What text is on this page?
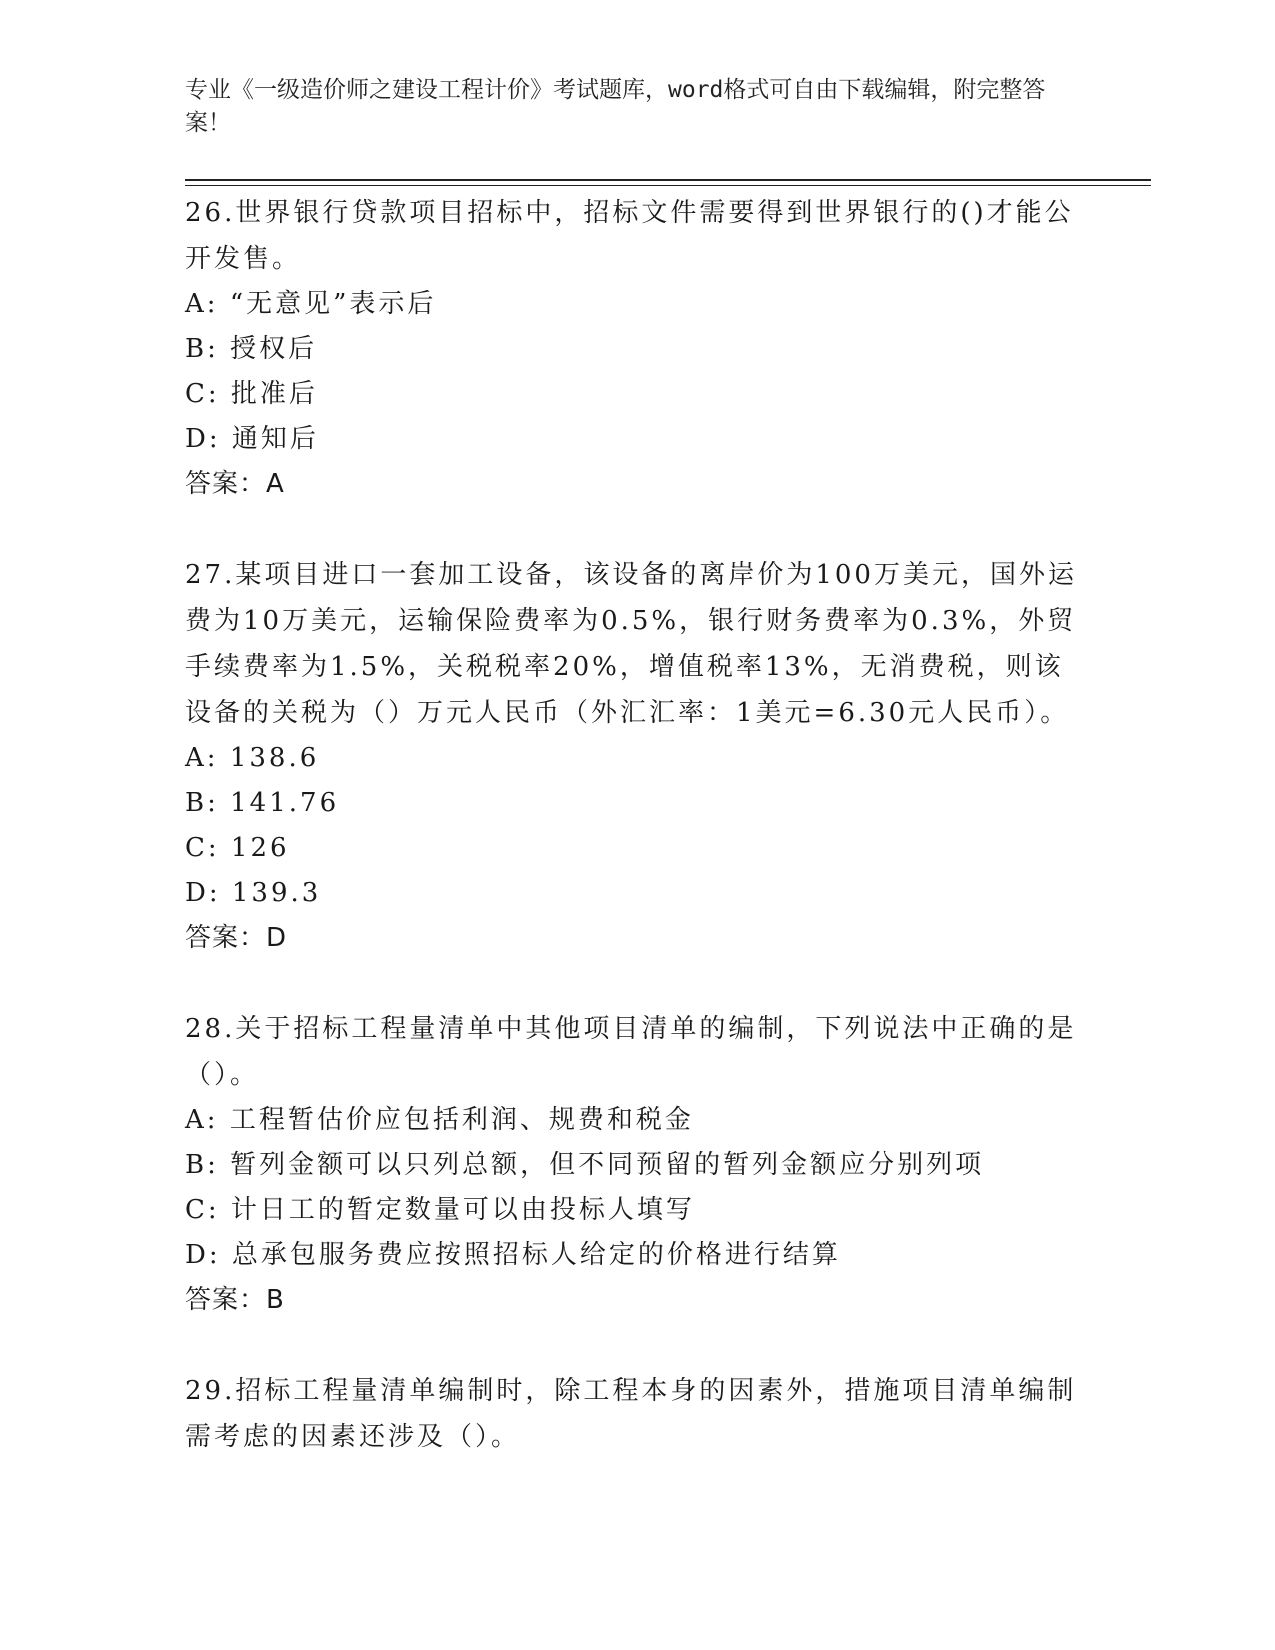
专业《一级造价师之建设工程计价》考试题库，word格式可自由下载编辑，附完整答案！

26.世界银行贷款项目招标中，招标文件需要得到世界银行的()才能公开发售。

A: “无意见”表示后

B: 授权后

C: 批准后

D: 通知后

答案：A

27.某项目进口一套加工设备，该设备的离岸价为100万美元，国外运费为10万美元，运输保险费率为0.5%，银行财务费率为0.3%，外贸手续费率为1.5%，关税税率20%，增值税率13%，无消费税，则该设备的关税为（）万元人民币（外汇汇率：1美元=6.30元人民币）。

A: 138.6

B: 141.76

C: 126

D: 139.3

答案：D

28.关于招标工程量清单中其他项目清单的编制，下列说法中正确的是（）。

A: 工程暂估价应包括利润、规费和税金

B: 暂列金额可以只列总额，但不同预留的暂列金额应分别列项

C: 计日工的暂定数量可以由投标人填写

D: 总承包服务费应按照招标人给定的价格进行结算

答案：B

29.招标工程量清单编制时，除工程本身的因素外，措施项目清单编制需考虑的因素还涉及（）。
